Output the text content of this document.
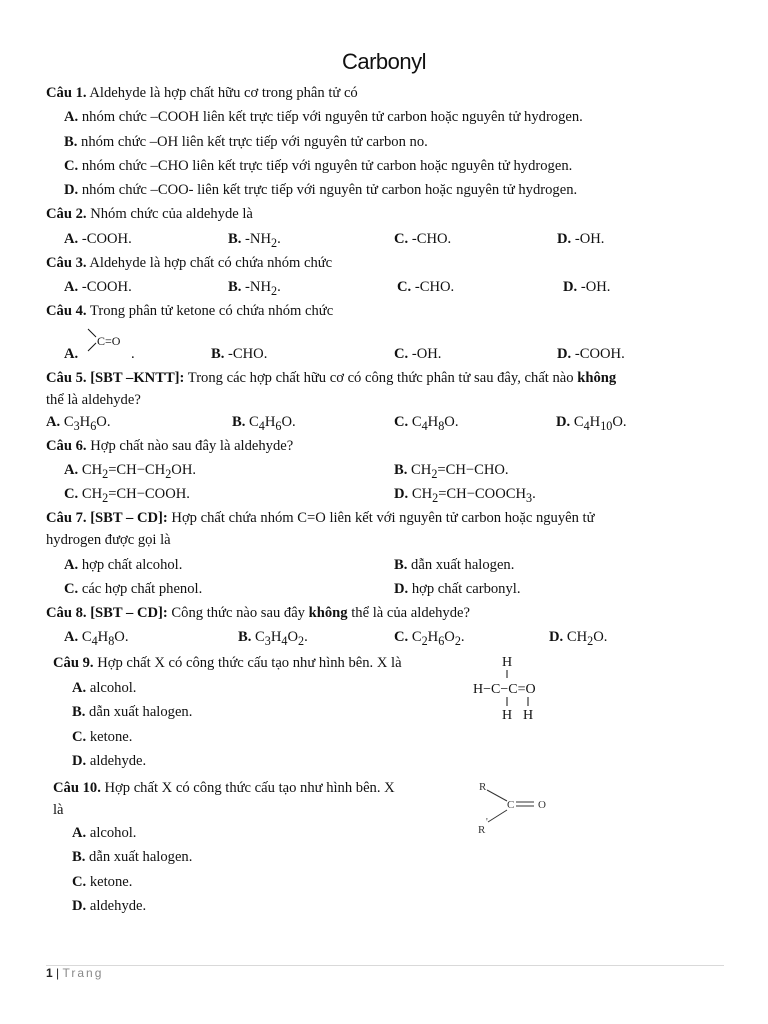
Carbonyl
Câu 1. Aldehyde là hợp chất hữu cơ trong phân tử có
A. nhóm chức –COOH liên kết trực tiếp với nguyên tử carbon hoặc nguyên tử hydrogen.
B. nhóm chức –OH liên kết trực tiếp với nguyên tử carbon no.
C. nhóm chức –CHO liên kết trực tiếp với nguyên tử carbon hoặc nguyên tử hydrogen.
D. nhóm chức –COO- liên kết trực tiếp với nguyên tử carbon hoặc nguyên tử hydrogen.
Câu 2. Nhóm chức của aldehyde là
A. -COOH.	B. $-NH_2$.	C. -CHO.	D. -OH.
Câu 3. Aldehyde là hợp chất có chứa nhóm chức
A. -COOH.	B. $-NH_2$.	C. -CHO.	D. -OH.
Câu 4. Trong phân tử ketone có chứa nhóm chức
A.
C=O
.	B. -CHO.	C. -OH.	D. -COOH.
Câu 5. [SBT –KNTT]: Trong các hợp chất hữu cơ có công thức phân tử sau đây, chất nào không
thể là aldehyde?
A. $C_3H_6O$.	B. $C_4H_6O$.	C. $C_4H_8O$.	D. $C_4H_{10}O$.
Câu 6. Hợp chất nào sau đây là aldehyde?
A. $CH_2=CH-CH_2OH$.	B. $CH_2=CH-CHO$.
C. $CH_2=CH-COOH$.	D. $CH_2=CH-COOCH_3$.
Câu 7. [SBT – CD]: Hợp chất chứa nhóm C=O liên kết với nguyên tử carbon hoặc nguyên tử
hydrogen được gọi là
A. hợp chất alcohol.	B. dẫn xuất halogen.
C. các hợp chất phenol.	D. hợp chất carbonyl.
Câu 8. [SBT – CD]: Công thức nào sau đây không thể là của aldehyde?
A. $C_4H_8O$.	B. $C_3H_4O_2$.	C. $C_2H_6O_2$.	D. $CH_2O$.
Câu 9. Hợp chất X có công thức cấu tạo như hình bên. X là
A. alcohol.
B. dẫn xuất halogen.
C. ketone.
D. aldehyde.
H
H−C−C=O
H H
Câu 10. Hợp chất X có công thức cấu tạo như hình bên. X
là
A. alcohol.
B. dẫn xuất halogen.
C. ketone.
D. aldehyde.
R
C O
R
'
1 | Trang
